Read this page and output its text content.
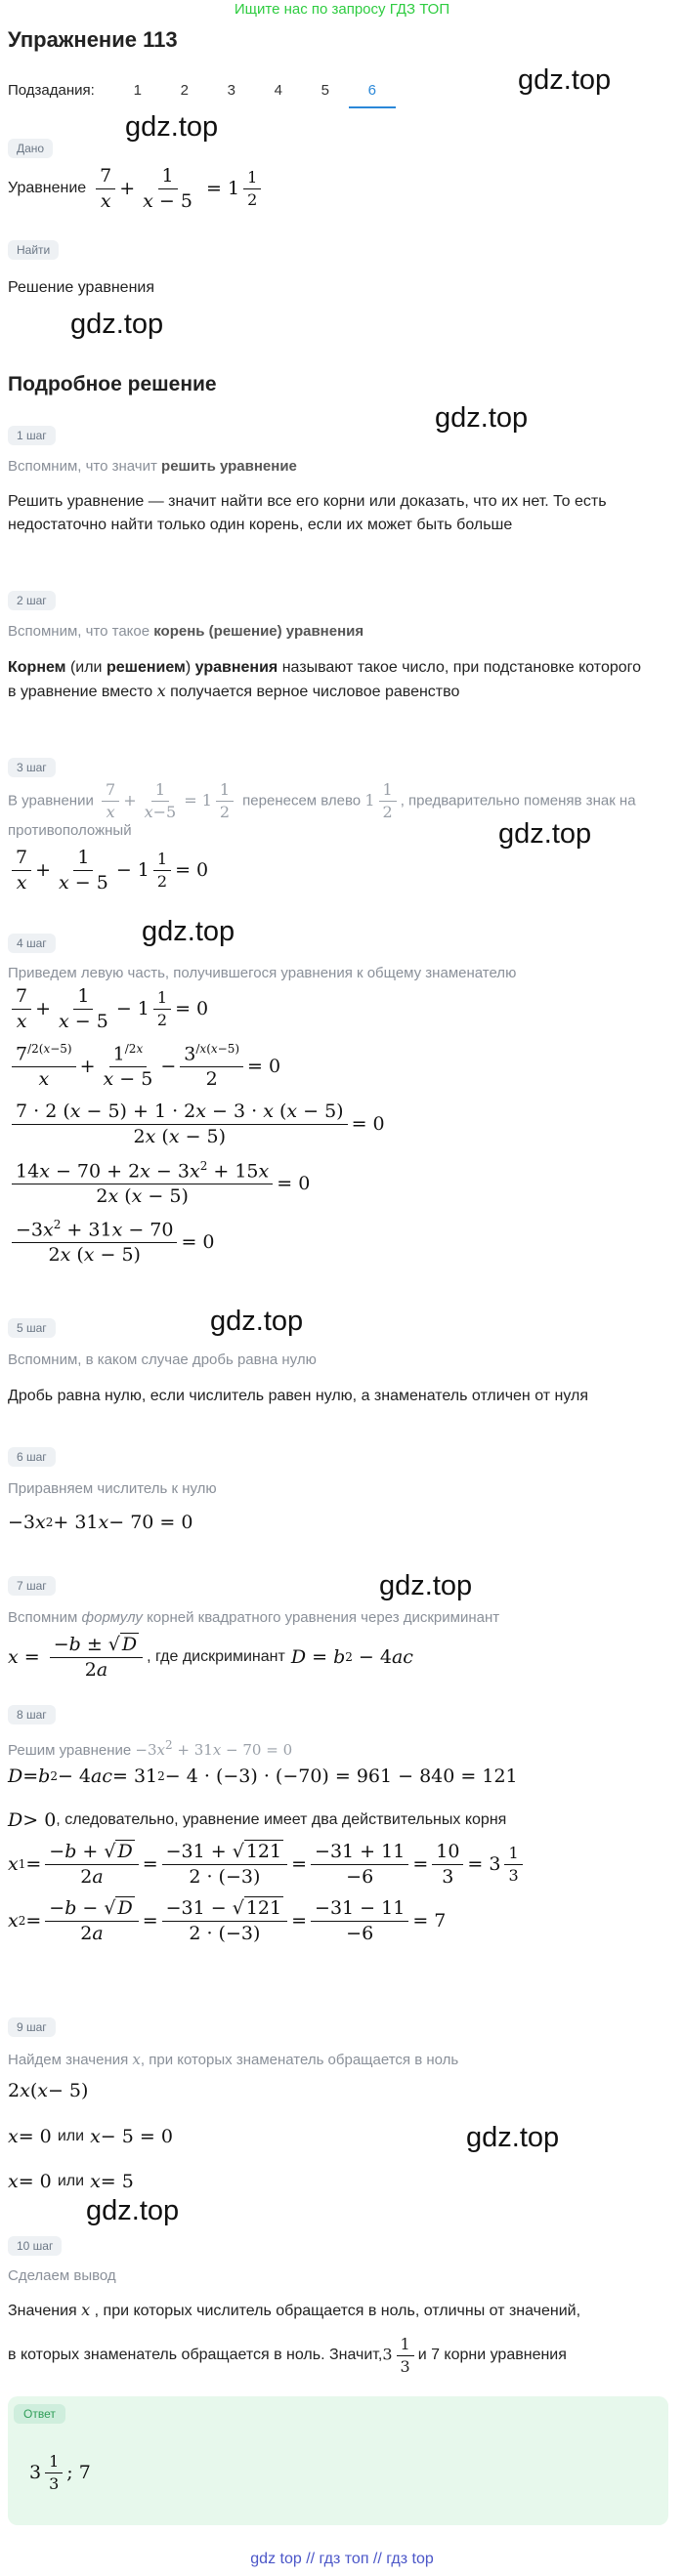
Ищите нас по запросу ГДЗ ТОП
Упражнение 113
Подзадания:	1	2	3	4	5	6	gdz.top
gdz.top
gdz.top
gdz.top
gdz.top
gdz.top
gdz.top
gdz.top
gdz.top
gdz.top
Дано
Уравнение $\frac{7}{x} + \frac{1}{x - 5} = 1 \frac{1}{2}$
Найти
Решение уравнения
Подробное решение
1 шаг
Вспомним, что значит решить уравнение
Решить уравнение — значит найти все его корни или доказать, что их нет. То есть недостаточно найти только один корень, если их может быть больше
2 шаг
Вспомним, что такое корень (решение) уравнения
Корнем (или решением) уравнения называют такое число, при подстановке которого в уравнение вместо x получается верное числовое равенство
3 шаг
В уравнении $\frac{7}{x} + \frac{1}{x-5} = 1 \frac{1}{2}$ перенесем влево $1 \frac{1}{2}$ , предварительно поменяв знак на противоположный
$\frac{7}{x} + \frac{1}{x - 5} - 1 \frac{1}{2} = 0$
4 шаг
Приведем левую часть, получившегося уравнения к общему знаменателю
$\frac{7}{x} + \frac{1}{x - 5} - 1 \frac{1}{2} = 0$
$\frac{7^{/2(x-5)}}{x} + \frac{1^{/2x}}{x - 5} - \frac{3^{/x(x-5)}}{2} = 0$
$\frac{7 \cdot 2 (x - 5) + 1 \cdot 2x - 3 \cdot x (x - 5)}{2x (x - 5)} = 0$
$\frac{14x - 70 + 2x - 3x^2 + 15x}{2x (x - 5)} = 0$
$\frac{-3x^2 + 31x - 70}{2x (x - 5)} = 0$
5 шаг
Вспомним, в каком случае дробь равна нулю
Дробь равна нулю, если числитель равен нулю, а знаменатель отличен от нуля
6 шаг
Приравняем числитель к нулю
−3 x 2 + 31 x − 70 = 0
7 шаг
Вспомним формулу корней квадратного уравнения через дискриминант
$x = \frac{-b \pm √ D}{2a}$ , где дискриминант
D = b 2 − 4 ac
8 шаг
Решим уравнение $-3x^2 + 31x - 70 = 0$
D = b 2 − 4 ac = 31 2 − 4 · (−3) · (−70) = 961 − 840 = 121
D > 0 , следовательно, уравнение имеет два действительных корня
x $1 = \frac{-b + √ D}{2a} = \frac{-31 + √ 121}{2 \cdot (-3)} = \frac{-31 + 11}{-6} = \frac{10}{3} = 3 \frac{1}{3}$
x $2 = \frac{-b - √ D}{2a} = \frac{-31 - √ 121}{2 \cdot (-3)} = \frac{-31 - 11}{-6} = 7$
9 шаг
Найдем значения x, при которых знаменатель обращается в ноль
2 x ( x − 5)
x = 0 или
x − 5 = 0
x = 0 или
x = 5
10 шаг
Сделаем вывод
Значения x , при которых числитель обращается в ноль, отличны от значений,
в которых знаменатель обращается в ноль. Значит, $3 \frac{1}{3}$ и 7 корни уравнения
Ответ
$3 \frac{1}{3}$ ; 7
gdz top // гдз топ // гдз top
